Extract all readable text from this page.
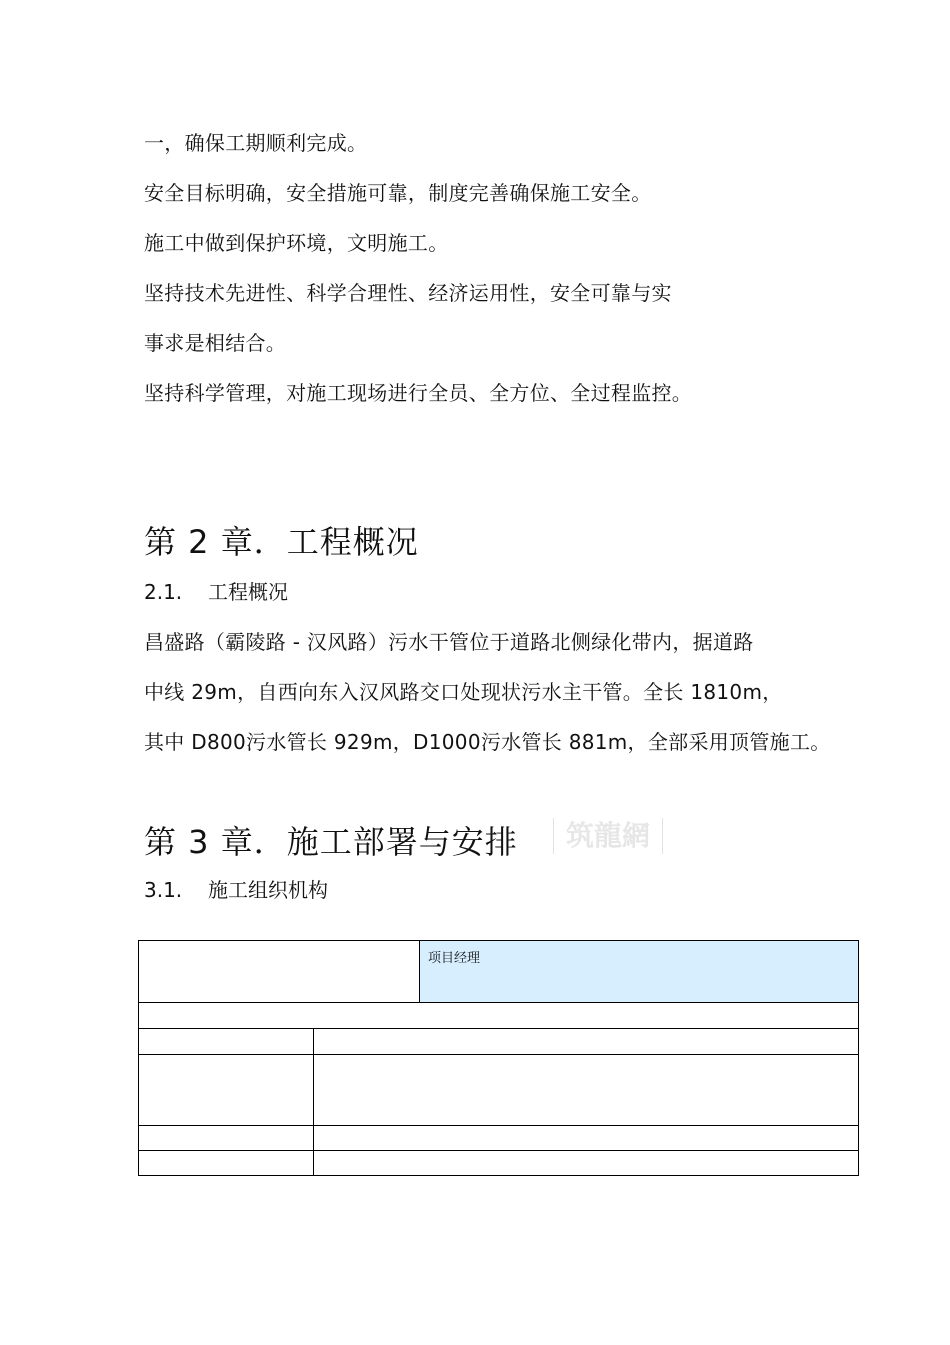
一，确保工期顺利完成。
安全目标明确，安全措施可靠，制度完善确保施工安全。
施工中做到保护环境，文明施工。
坚持技术先进性、科学合理性、经济运用性，安全可靠与实
事求是相结合。
坚持科学管理，对施工现场进行全员、全方位、全过程监控。
第 2 章．工程概况
2.1. 工程概况
昌盛路（霸陵路 - 汉风路）污水干管位于道路北侧绿化带内，据道路
中线 29m，自西向东入汉风路交口处现状污水主干管。全长 1810m，
其中 D800污水管长 929m，D1000污水管长 881m，全部采用顶管施工。
第 3 章．施工部署与安排	筑龍網
3.1. 施工组织机构
项目经理
